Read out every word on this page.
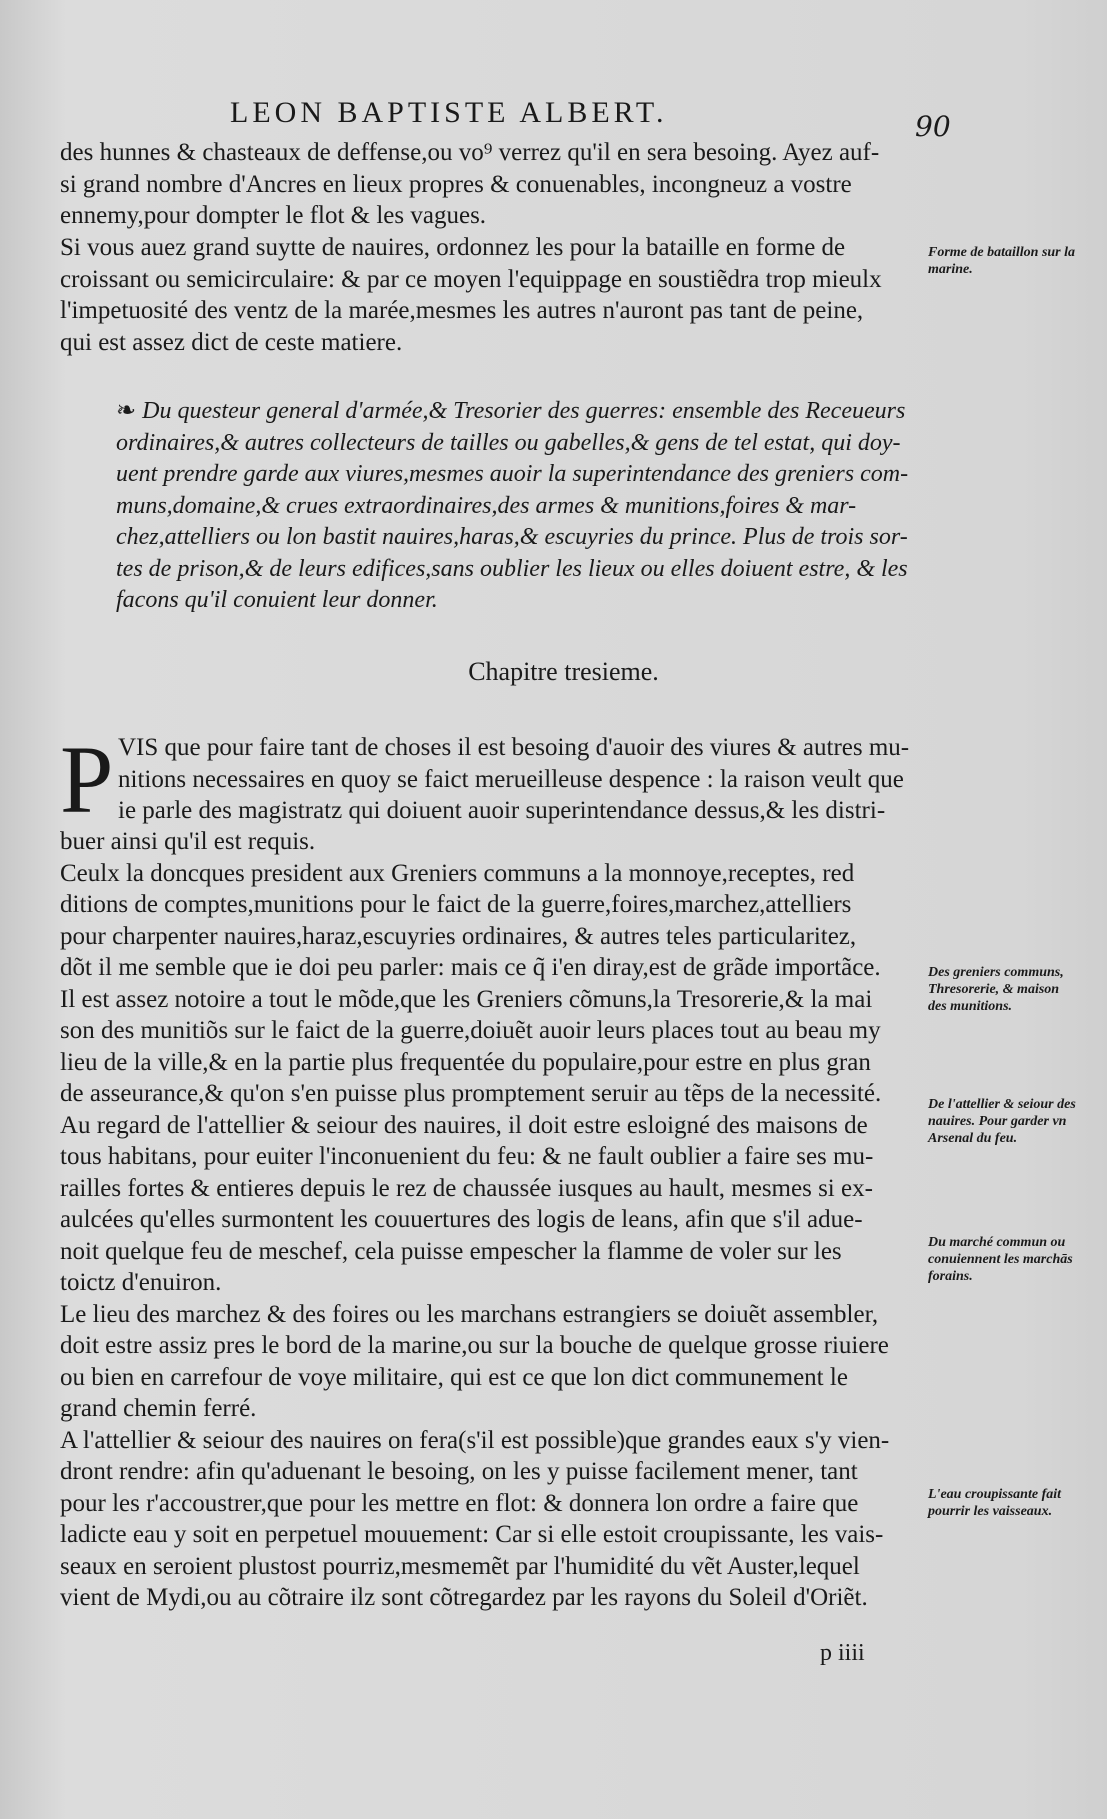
LEON BAPTISTE ALBERT.	90
des hunnes & chasteaux de deffense,ou vo⁹ verrez qu'il en sera besoing. Ayez auf-
si grand nombre d'Ancres en lieux propres & conuenables, incongneuz a vostre
ennemy,pour dompter le flot & les vagues.
Si vous auez grand suytte de nauires, ordonnez les pour la bataille en forme de
croissant ou semicirculaire: & par ce moyen l'equippage en soustiẽdra trop mieulx
l'impetuosité des ventz de la marée,mesmes les autres n'auront pas tant de peine,
qui est assez dict de ceste matiere.
❧ Du questeur general d'armée,& Tresorier des guerres: ensemble des Receueurs
ordinaires,& autres collecteurs de tailles ou gabelles,& gens de tel estat, qui doy-
uent prendre garde aux viures,mesmes auoir la superintendance des greniers com-
muns,domaine,& crues extraordinaires,des armes & munitions,foires & mar-
chez,attelliers ou lon bastit nauires,haras,& escuyries du prince. Plus de trois sor-
tes de prison,& de leurs edifices,sans oublier les lieux ou elles doiuent estre, & les
facons qu'il conuient leur donner.
Chapitre tresieme.
P VIS que pour faire tant de choses il est besoing d'auoir des viures & autres mu-
nitions necessaires en quoy se faict merueilleuse despence : la raison veult que
ie parle des magistratz qui doiuent auoir superintendance dessus,& les distri-
buer ainsi qu'il est requis.
Ceulx la doncques president aux Greniers communs a la monnoye,receptes, red
ditions de comptes,munitions pour le faict de la guerre,foires,marchez,attelliers
pour charpenter nauires,haraz,escuyries ordinaires, & autres teles particularitez,
dõt il me semble que ie doi peu parler: mais ce q̃ i'en diray,est de grãde importãce.
Il est assez notoire a tout le mõde,que les Greniers cõmuns,la Tresorerie,& la mai
son des munitiõs sur le faict de la guerre,doiuẽt auoir leurs places tout au beau my
lieu de la ville,& en la partie plus frequentée du populaire,pour estre en plus gran
de asseurance,& qu'on s'en puisse plus promptement seruir au tẽps de la necessité.
Au regard de l'attellier & seiour des nauires, il doit estre esloigné des maisons de
tous habitans, pour euiter l'inconuenient du feu: & ne fault oublier a faire ses mu-
railles fortes & entieres depuis le rez de chaussée iusques au hault, mesmes si ex-
aulcées qu'elles surmontent les couuertures des logis de leans, afin que s'il adue-
noit quelque feu de meschef, cela puisse empescher la flamme de voler sur les
toictz d'enuiron.
Le lieu des marchez & des foires ou les marchans estrangiers se doiuẽt assembler,
doit estre assiz pres le bord de la marine,ou sur la bouche de quelque grosse riuiere
ou bien en carrefour de voye militaire, qui est ce que lon dict communement le
grand chemin ferré.
A l'attellier & seiour des nauires on fera(s'il est possible)que grandes eaux s'y vien-
dront rendre: afin qu'aduenant le besoing, on les y puisse facilement mener, tant
pour les r'accoustrer,que pour les mettre en flot: & donnera lon ordre a faire que
ladicte eau y soit en perpetuel mouuement: Car si elle estoit croupissante, les vais-
seaux en seroient plustost pourriz,mesmemẽt par l'humidité du vẽt Auster,lequel
vient de Mydi,ou au cõtraire ilz sont cõtregardez par les rayons du Soleil d'Oriẽt.
p iiii
Forme de bataillon sur la marine.
Des greniers communs, Thresorerie, & maison des munitions.
De l'attellier & seiour des nauires. Pour garder vn Arsenal du feu.
Du marché commun ou conuiennent les marchās forains.
L'eau croupissante fait pourrir les vaisseaux.
